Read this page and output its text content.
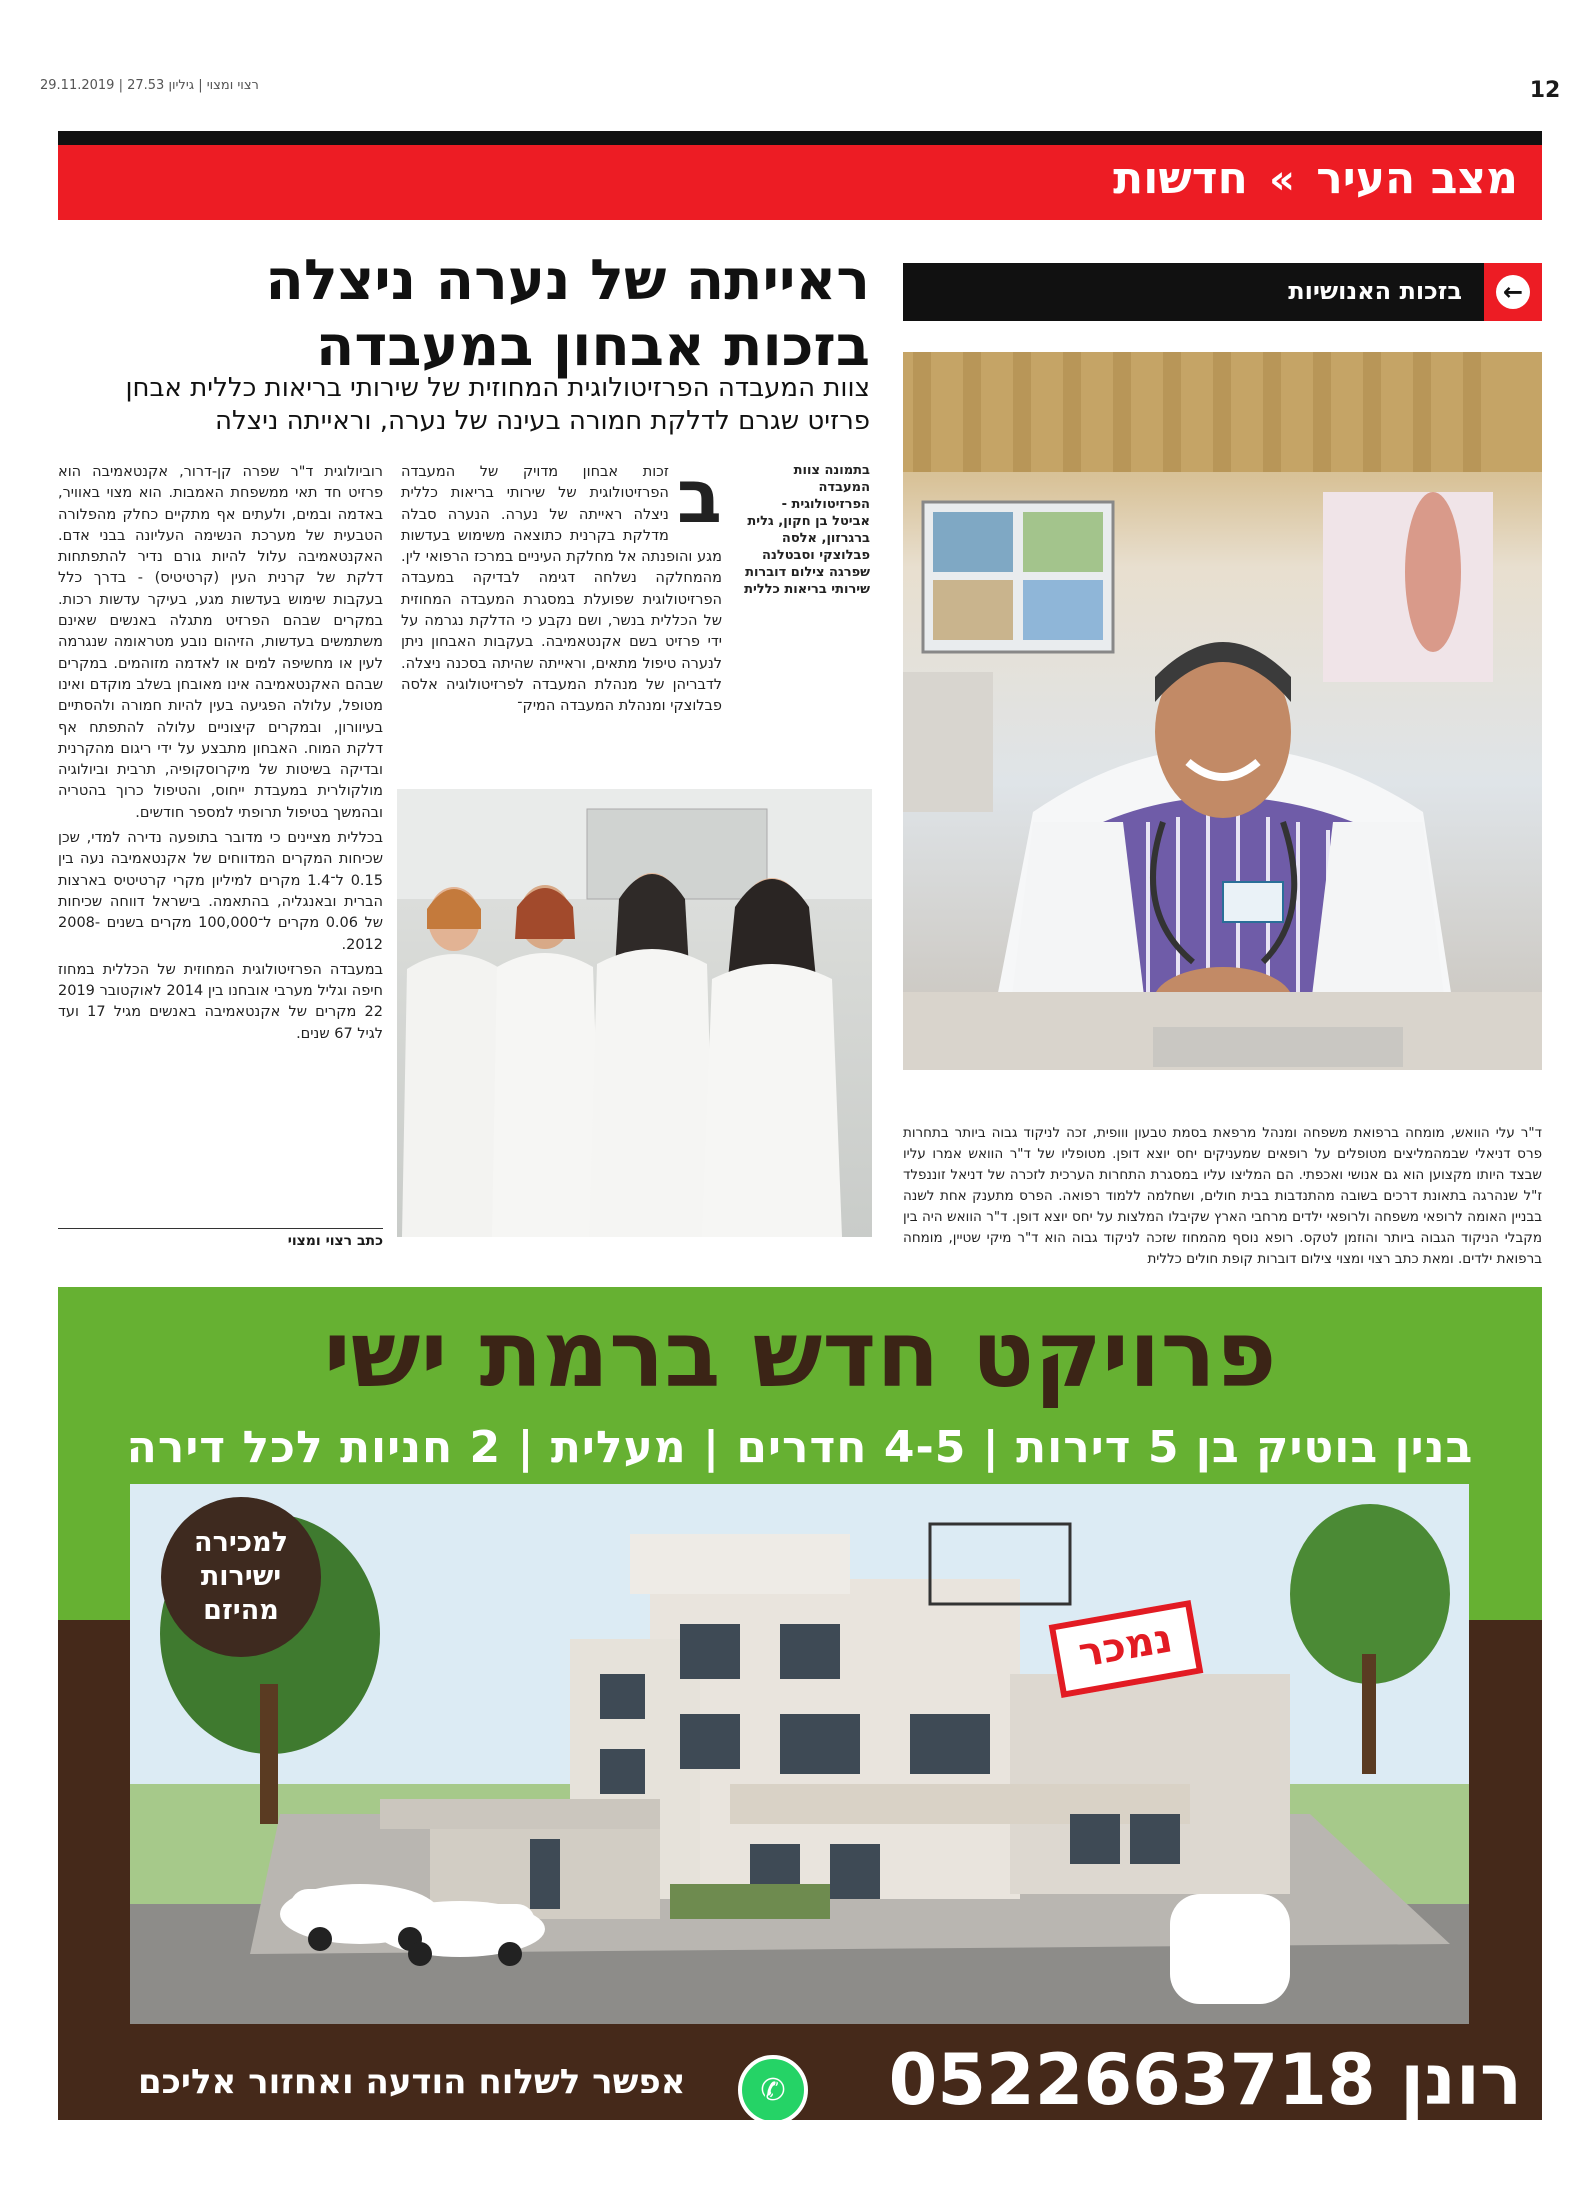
12
רצוי ומצוי | גיליון 27.53 | 29.11.2019
מצב העיר » חדשות
ראייתה של נערה ניצלה
בזכות אבחון במעבדה
צוות המעבדה הפרזיטולוגית המחוזית של שירותי בריאות כללית אבחן פרזיט שגרם לדלקת חמורה בעינה של נערה, וראייתה ניצלה
←
בזכות האנושיות
בתמונה צוות המעבדה הפרזיטולוגית - אביטל בן חקון, גלית ברגרזון, אלסה פבלוצקי וסבטלנה שפרגה צילום דוברות שירותי בריאות כללית
ב
זכות אבחון מדויק של המעבדה הפרזיטולוגית של שירותי בריאות כללית ניצלה ראייתה של נערה. הנערה סבלה מדלקת בקרנית כתוצאה משימוש בעדשות מגע והופנתה אל מחלקת העיניים במרכז הרפואי לין. מהמחלקה נשלחה דגימה לבדיקה במעבדה הפרזיטולוגית שפועלת במסגרת המעבדה המחוזית של הכללית בנשר, ושם נקבע כי הדלקת נגרמה על ידי פרזיט בשם אקנטאמיבה. בעקבות האבחון ניתן לנערה טיפול מתאים, וראייתה שהיתה בסכנה ניצלה. לדבריהן של מנהלת המעבדה לפרזיטולוגיה אלסה פבלוצקי ומנהלת המעבדה המיק־

רוביולוגית ד"ר שפרה קן-דרור, אקנטאמיבה הוא פרזיט חד תאי ממשפחת האמבות. הוא מצוי באוויר, באדמה ובמים, ולעתים אף מתקיים כחלק מהפלורה הטבעית של מערכת הנשימה העליונה בבני אדם. האקנטאמיבה עלול להיות גורם נדיר להתפתחות דלקת של קרנית העין (קרטיטיס) - בדרך כלל בעקבות שימוש בעדשות מגע, בעיקר עדשות רכות. במקרים שבהם הפרזיט מתגלה באנשים שאינם משתמשים בעדשות, הזיהום נובע מטראומה שנגרמה לעין או מחשיפה למים או לאדמה מזוהמים. במקרים שבהם האקנטאמיבה אינו מאובחן בשלב מוקדם ואינו מטופל, עלולה הפגיעה בעין להיות חמורה ולהסתיים בעיוורון, ובמקרים קיצוניים עלולה להתפתח אף דלקת המוח. האבחון מתבצע על ידי ריגום מהקרנית ובדיקה בשיטות של מיקרוסקופיה, תרבית וביולוגיה מולקולרית במעבדת ייחוס, והטיפול כרוך בהטריה ובהמשך בטיפול תרופתי למספר חודשים.

בכללית מציינים כי מדובר בתופעה נדירה למדי, שכן שכיחות המקרים המדווחים של אקנטאמיבה נעה בין 0.15 ל־1.4 מקרים למיליון מקרי קרטיטיס בארצות הברית ובאנגליה, בהתאמה. בישראל דווחה שכיחות של 0.06 מקרים ל־100,000 מקרים בשנים 2008-2012.

במעבדה הפרזיטולוגית המחוזית של הכללית במחוז חיפה וגליל מערבי אובחנו בין 2014 לאוקטובר 2019 22 מקרים של אקנטאמיבה באנשים מגיל 17 ועד לגיל 67 שנים.

כתב רצוי ומצוי
ד"ר עלי הוואש, מומחה ברפואת משפחה ומנהל מרפאת בסמת טבעון ווופית, זכה לניקוד גבוה ביותר בתחרות פרס דניאלי שבמהמליצים מטופלים על רופאים שמעניקים יחס יוצא דופן. מטופליו של ד"ר הוואש אמרו עליו שבצד היותו מקצוען הוא גם אנושי ואכפתי. הם המליצו עליו במסגרת התחרות הערכית לזכרה של דניאל זוננפלד ז"ל שנהרגה בתאונת דרכים בשובה מהתנדבות בבית חולים, ושחלמה ללמוד רפואה. הפרס מתענק אחת לשנה בבניין האומה לרופאי משפחה ולרופאי ילדים מרחבי הארץ שקיבלו המלצות על יחס יוצא דופן. ד"ר הוואש היה בין מקבלי הניקוד הגבוה ביותר והוזמן לטקס. רופא נוסף מהמחוז שזכה לניקוד גבוה הוא ד"ר מיקי שטיין, מומחה ברפואת ילדים. ומאת כתב רצוי ומצוי צילום דוברות קופת חולים כללית
פרויקט חדש ברמת ישי
בנין בוטיק בן 5 דירות | 4-5 חדרים | מעלית | 2 חניות לכל דירה
למכירה
ישירות
מהיזם
רונן 0522663718
✆
אפשר לשלוח הודעה ואחזור אליכם
נמכר
